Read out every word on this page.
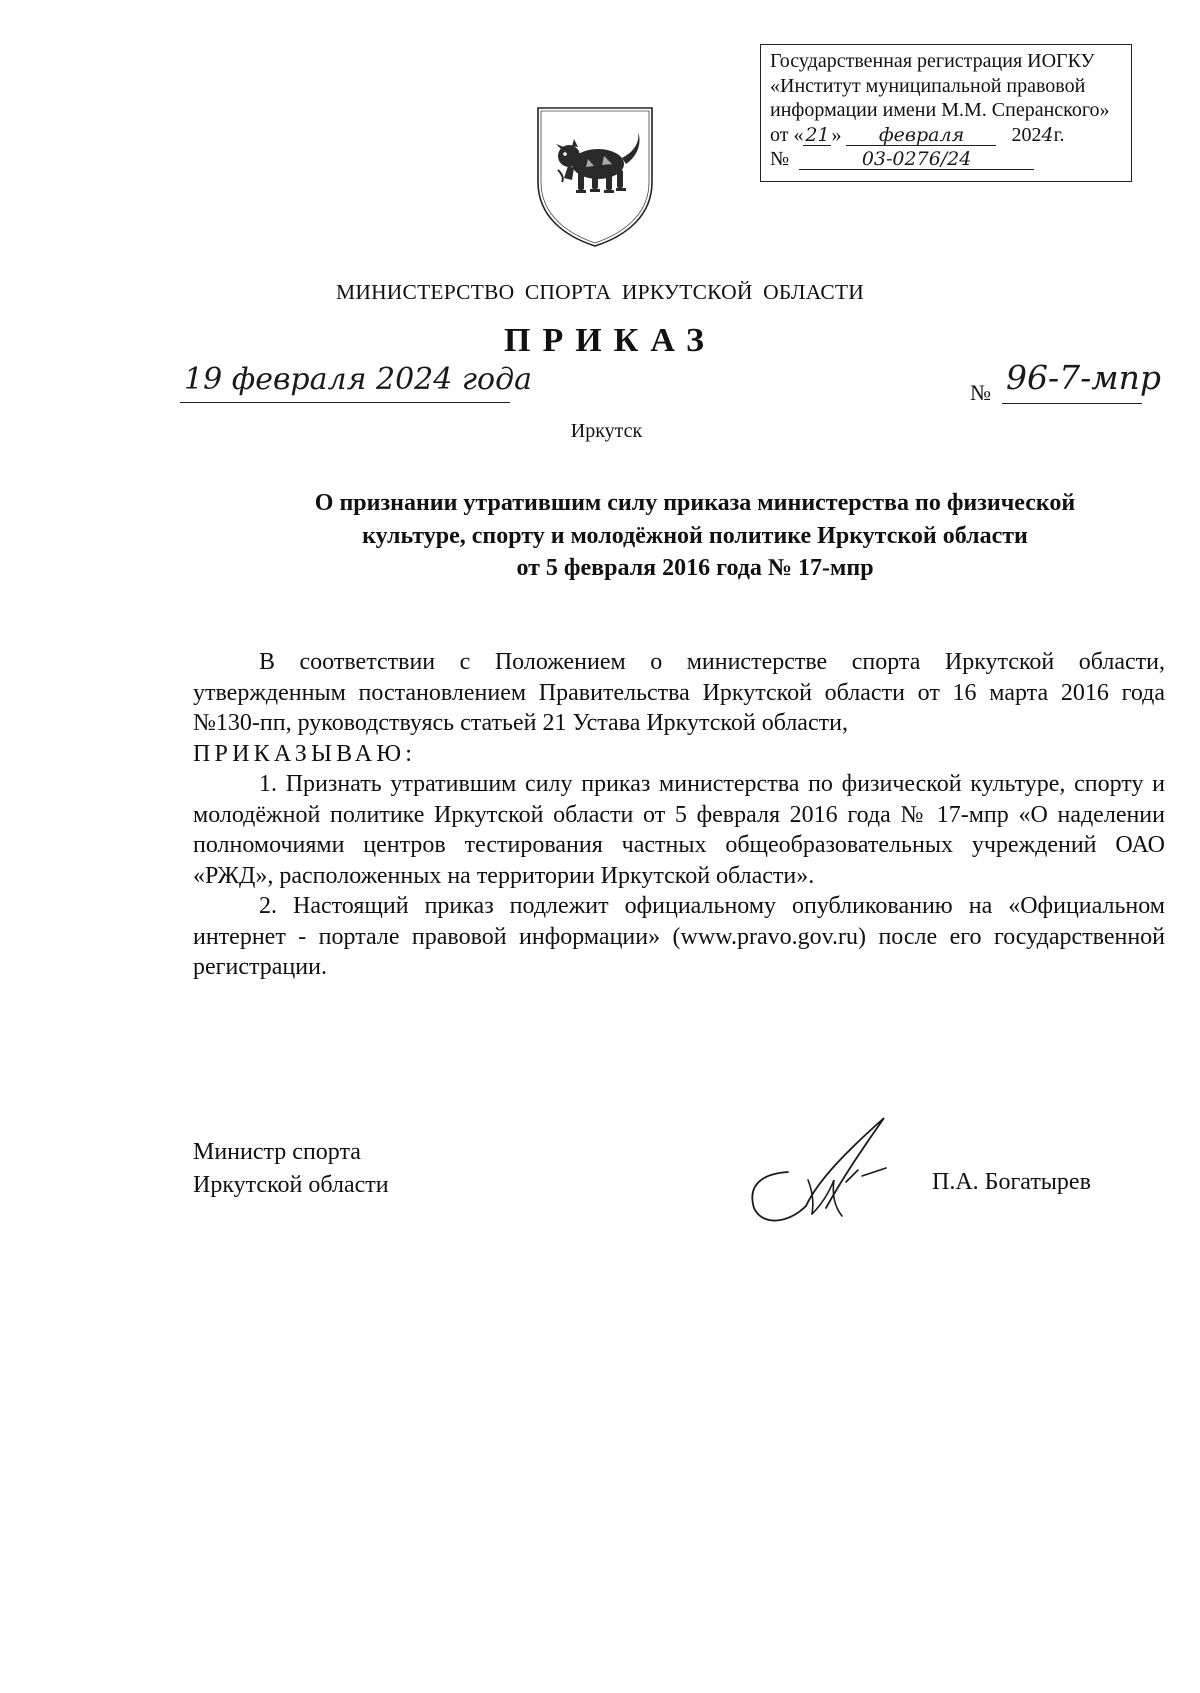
Государственная регистрация ИОГКУ
«Институт муниципальной правовой
информации имени М.М. Сперанского»
от « 21» февраля 2024г.
№	03-0276/24
МИНИСТЕРСТВО СПОРТА ИРКУТСКОЙ ОБЛАСТИ
ПРИКАЗ
19 февраля 2024 года	№ 96-7-мпр
Иркутск
О признании утратившим силу приказа министерства по физической
культуре, спорту и молодёжной политике Иркутской области
от 5 февраля 2016 года № 17-мпр

В соответствии с Положением о министерстве спорта Иркутской области, утвержденным постановлением Правительства Иркутской области от 16 марта 2016 года №130-пп, руководствуясь статьей 21 Устава Иркутской области,

ПРИКАЗЫВАЮ:

1. Признать утратившим силу приказ министерства по физической культуре, спорту и молодёжной политике Иркутской области от 5 февраля 2016 года № 17-мпр «О наделении полномочиями центров тестирования частных общеобразовательных учреждений ОАО «РЖД», расположенных на территории Иркутской области».

2. Настоящий приказ подлежит официальному опубликованию на «Официальном интернет - портале правовой информации» (www.pravo.gov.ru) после его государственной регистрации.

Министр спорта
Иркутской области	П.А. Богатырев
